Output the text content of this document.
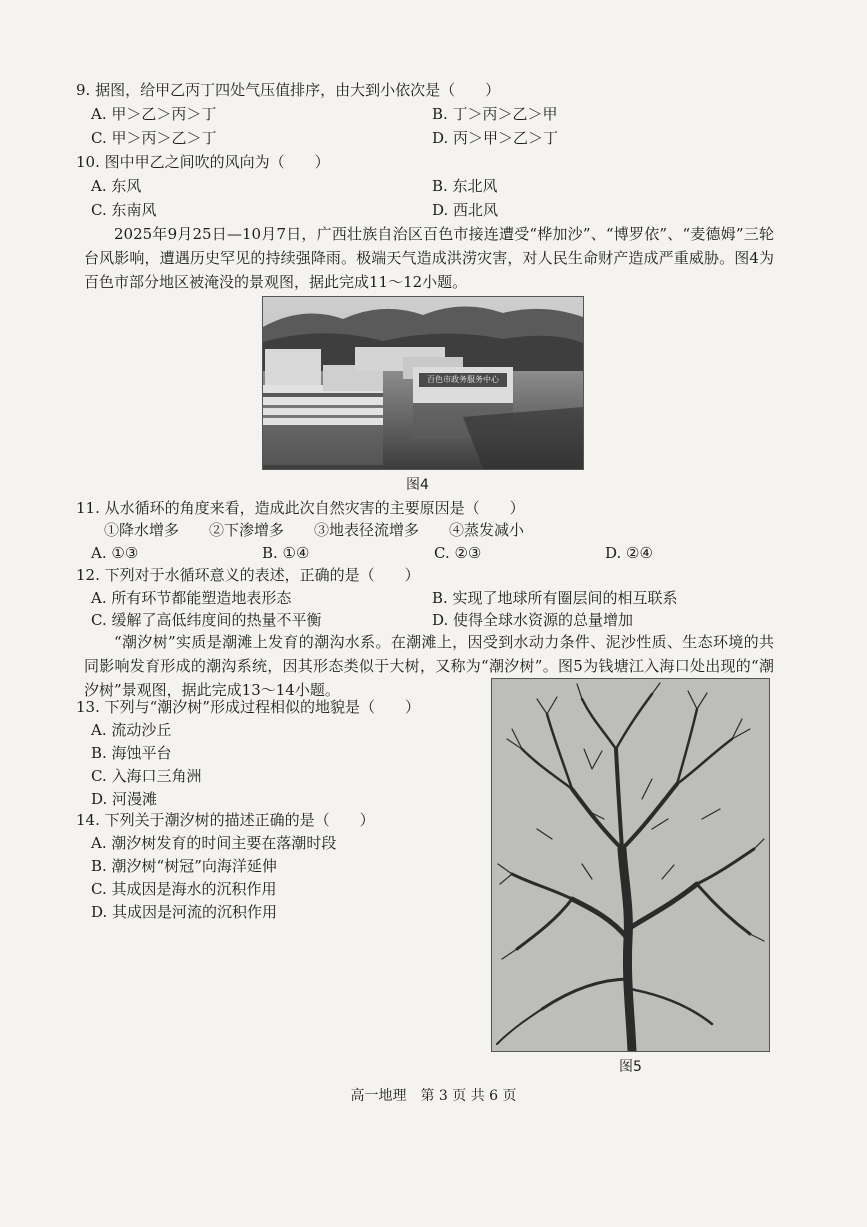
9. 据图，给甲乙丙丁四处气压值排序，由大到小依次是（　　）
A. 甲＞乙＞丙＞丁	B. 丁＞丙＞乙＞甲
C. 甲＞丙＞乙＞丁	D. 丙＞甲＞乙＞丁
10. 图中甲乙之间吹的风向为（　　）
A. 东风	B. 东北风
C. 东南风	D. 西北风
2025年9月25日—10月7日，广西壮族自治区百色市接连遭受“桦加沙”、“博罗依”、“麦德姆”三轮台风影响，遭遇历史罕见的持续强降雨。极端天气造成洪涝灾害，对人民生命财产造成严重威胁。图4为百色市部分地区被淹没的景观图，据此完成11～12小题。
百色市政务服务中心
图4
11. 从水循环的角度来看，造成此次自然灾害的主要原因是（　　）
①降水增多　　②下渗增多　　③地表径流增多　　④蒸发减小
A. ①③	B. ①④	C. ②③	D. ②④
12. 下列对于水循环意义的表述，正确的是（　　）
A. 所有环节都能塑造地表形态	B. 实现了地球所有圈层间的相互联系
C. 缓解了高低纬度间的热量不平衡	D. 使得全球水资源的总量增加
“潮汐树”实质是潮滩上发育的潮沟水系。在潮滩上，因受到水动力条件、泥沙性质、生态环境的共同影响发育形成的潮沟系统，因其形态类似于大树，又称为“潮汐树”。图5为钱塘江入海口处出现的“潮汐树”景观图，据此完成13～14小题。
13. 下列与“潮汐树”形成过程相似的地貌是（　　）
A. 流动沙丘
B. 海蚀平台
C. 入海口三角洲
D. 河漫滩
14. 下列关于潮汐树的描述正确的是（　　）
A. 潮汐树发育的时间主要在落潮时段
B. 潮汐树“树冠”向海洋延伸
C. 其成因是海水的沉积作用
D. 其成因是河流的沉积作用
图5
高一地理　第 3 页 共 6 页
